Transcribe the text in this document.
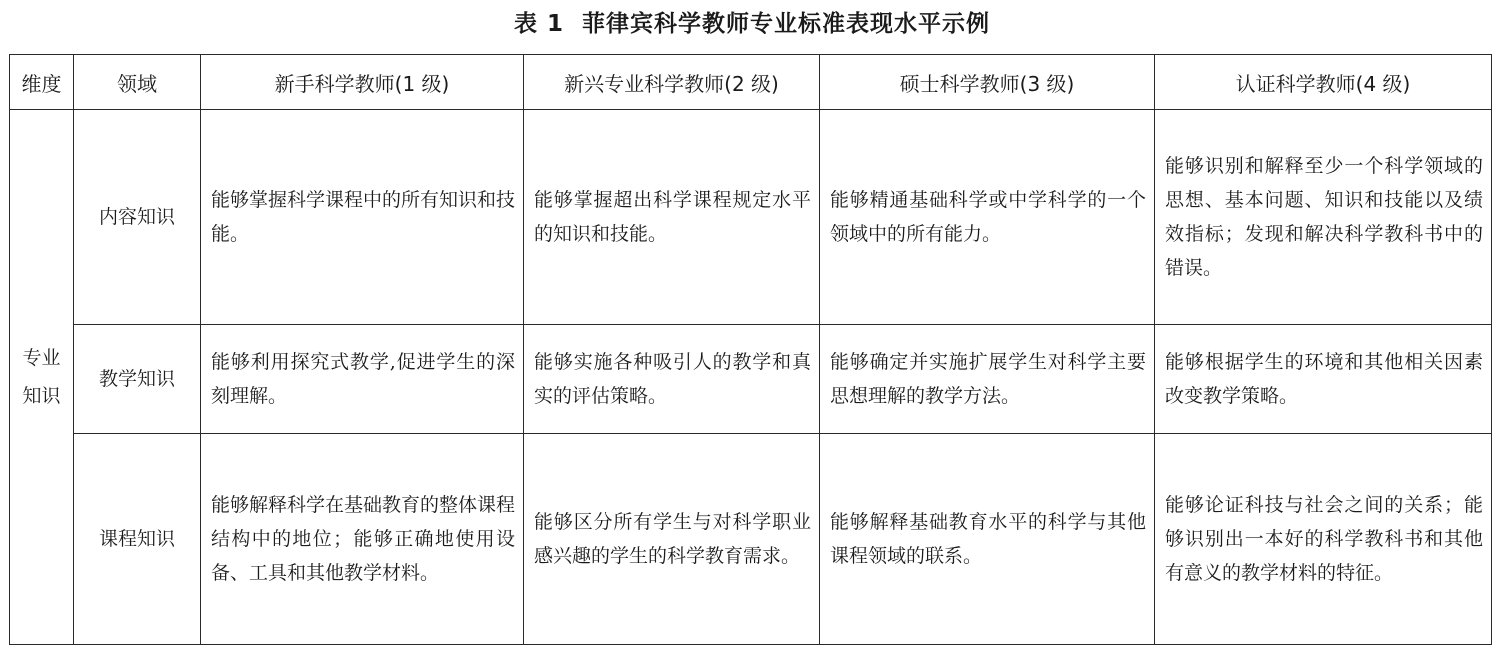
表 1 菲律宾科学教师专业标准表现水平示例
维度	领域	新手科学教师(1 级)	新兴专业科学教师(2 级)	硕士科学教师(3 级)	认证科学教师(4 级)
专业知识	内容知识	能够掌握科学课程中的所有知识和技能。	能够掌握超出科学课程规定水平的知识和技能。	能够精通基础科学或中学科学的一个领域中的所有能力。	能够识别和解释至少一个科学领域的思想、基本问题、知识和技能以及绩效指标；发现和解决科学教科书中的错误。
	教学知识	能够利用探究式教学,促进学生的深刻理解。	能够实施各种吸引人的教学和真实的评估策略。	能够确定并实施扩展学生对科学主要思想理解的教学方法。	能够根据学生的环境和其他相关因素改变教学策略。
	课程知识	能够解释科学在基础教育的整体课程结构中的地位；能够正确地使用设备、工具和其他教学材料。	能够区分所有学生与对科学职业感兴趣的学生的科学教育需求。	能够解释基础教育水平的科学与其他课程领域的联系。	能够论证科技与社会之间的关系；能够识别出一本好的科学教科书和其他有意义的教学材料的特征。
